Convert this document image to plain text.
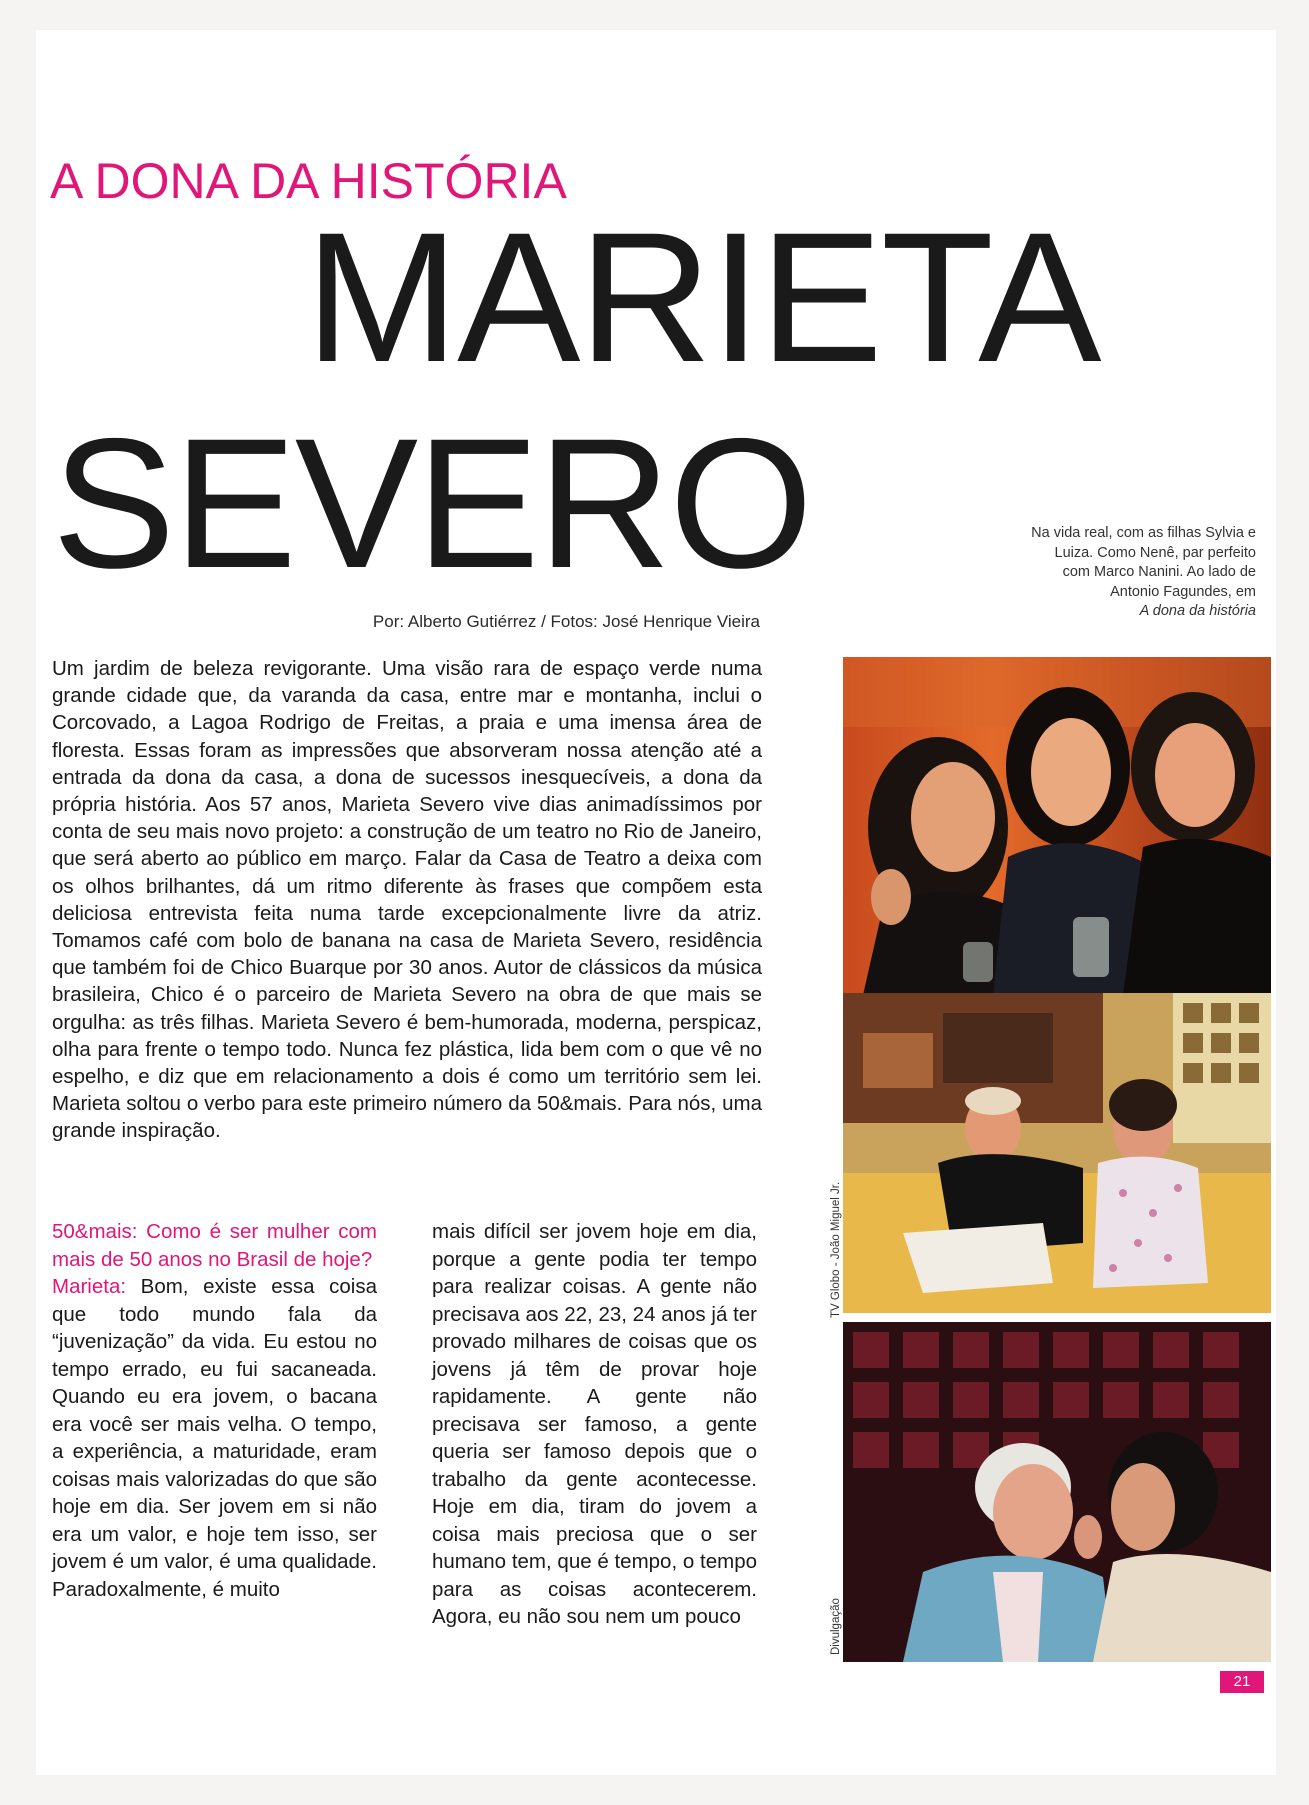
A DONA DA HISTÓRIA
MARIETA
SEVERO
Por: Alberto Gutiérrez / Fotos: José Henrique Vieira
Um jardim de beleza revigorante. Uma visão rara de espaço verde numa grande cidade que, da varanda da casa, entre mar e montanha, inclui o Corcovado, a Lagoa Rodrigo de Freitas, a praia e uma imensa área de floresta. Essas foram as impressões que absorveram nossa atenção até a entrada da dona da casa, a dona de sucessos inesquecíveis, a dona da própria história. Aos 57 anos, Marieta Severo vive dias animadíssimos por conta de seu mais novo projeto: a construção de um teatro no Rio de Janeiro, que será aberto ao público em março. Falar da Casa de Teatro a deixa com os olhos brilhantes, dá um ritmo diferente às frases que compõem esta deliciosa entrevista feita numa tarde excepcionalmente livre da atriz. Tomamos café com bolo de banana na casa de Marieta Severo, residência que também foi de Chico Buarque por 30 anos. Autor de clássicos da música brasileira, Chico é o parceiro de Marieta Severo na obra de que mais se orgulha: as três filhas. Marieta Severo é bem-humorada, moderna, perspicaz, olha para frente o tempo todo. Nunca fez plástica, lida bem com o que vê no espelho, e diz que em relacionamento a dois é como um território sem lei. Marieta soltou o verbo para este primeiro número da 50&mais. Para nós, uma grande inspiração.
50&mais: Como é ser mulher com mais de 50 anos no Brasil de hoje?
Marieta: Bom, existe essa coisa que todo mundo fala da “juvenização” da vida. Eu estou no tempo errado, eu fui sacaneada. Quando eu era jovem, o bacana era você ser mais velha. O tempo, a experiência, a maturidade, eram coisas mais valorizadas do que são hoje em dia. Ser jovem em si não era um valor, e hoje tem isso, ser jovem é um valor, é uma qualidade. Paradoxalmente, é muito
mais difícil ser jovem hoje em dia, porque a gente podia ter tempo para realizar coisas. A gente não precisava aos 22, 23, 24 anos já ter provado milhares de coisas que os jovens já têm de provar hoje rapidamente. A gente não precisava ser famoso, a gente queria ser famoso depois que o trabalho da gente acontecesse. Hoje em dia, tiram do jovem a coisa mais preciosa que o ser humano tem, que é tempo, o tempo para as coisas acontecerem. Agora, eu não sou nem um pouco
Na vida real, com as filhas Sylvia e Luiza. Como Nenê, par perfeito com Marco Nanini. Ao lado de Antonio Fagundes, em
A dona da história
TV Globo - João Miguel Jr.
Divulgação
21
